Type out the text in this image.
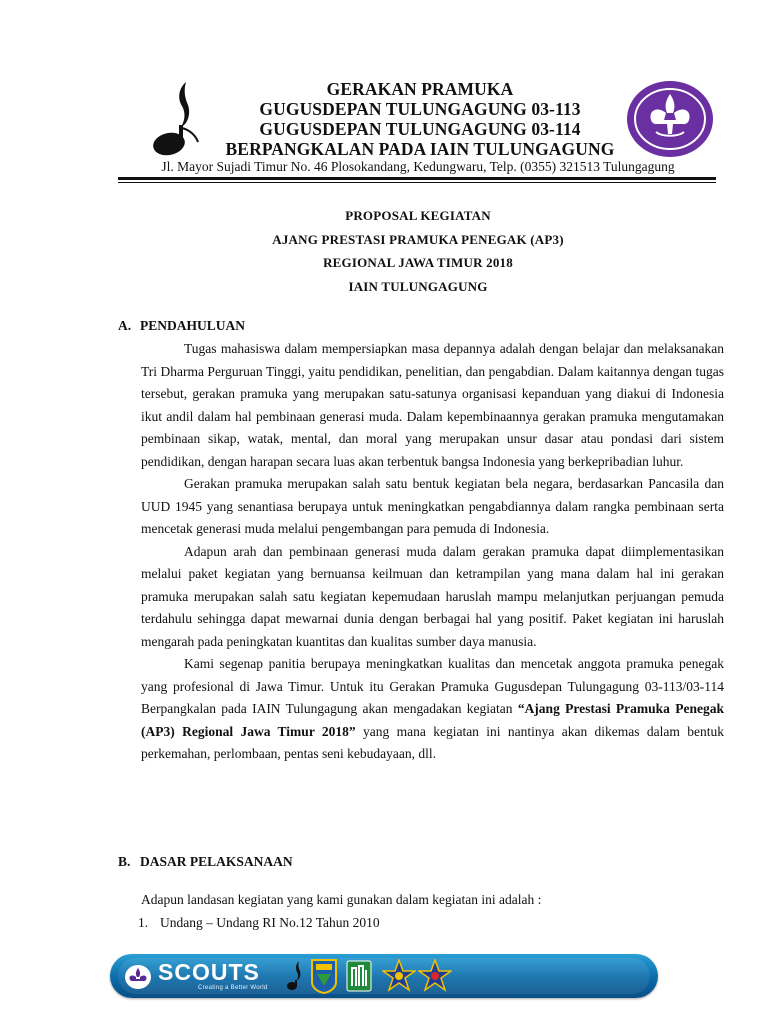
GERAKAN PRAMUKA
GUGUSDEPAN TULUNGAGUNG 03-113
GUGUSDEPAN TULUNGAGUNG 03-114
BERPANGKALAN PADA IAIN TULUNGAGUNG
Jl. Mayor Sujadi Timur No. 46 Plosokandang, Kedungwaru, Telp. (0355) 321513 Tulungagung
PROPOSAL KEGIATAN
AJANG PRESTASI PRAMUKA PENEGAK (AP3)
REGIONAL JAWA TIMUR 2018
IAIN TULUNGAGUNG
A. PENDAHULUAN

Tugas mahasiswa dalam mempersiapkan masa depannya adalah dengan belajar dan melaksanakan Tri Dharma Perguruan Tinggi, yaitu pendidikan, penelitian, dan pengabdian. Dalam kaitannya dengan tugas tersebut, gerakan pramuka yang merupakan satu-satunya organisasi kepanduan yang diakui di Indonesia ikut andil dalam hal pembinaan generasi muda. Dalam kepembinaannya gerakan pramuka mengutamakan pembinaan sikap, watak, mental, dan moral yang merupakan unsur dasar atau pondasi dari sistem pendidikan, dengan harapan secara luas akan terbentuk bangsa Indonesia yang berkepribadian luhur.

Gerakan pramuka merupakan salah satu bentuk kegiatan bela negara, berdasarkan Pancasila dan UUD 1945 yang senantiasa berupaya untuk meningkatkan pengabdiannya dalam rangka pembinaan serta mencetak generasi muda melalui pengembangan para pemuda di Indonesia.

Adapun arah dan pembinaan generasi muda dalam gerakan pramuka dapat diimplementasikan melalui paket kegiatan yang bernuansa keilmuan dan ketrampilan yang mana dalam hal ini gerakan pramuka merupakan salah satu kegiatan kepemudaan haruslah mampu melanjutkan perjuangan pemuda terdahulu sehingga dapat mewarnai dunia dengan berbagai hal yang positif. Paket kegiatan ini haruslah mengarah pada peningkatan kuantitas dan kualitas sumber daya manusia.

Kami segenap panitia berupaya meningkatkan kualitas dan mencetak anggota pramuka penegak yang profesional di Jawa Timur. Untuk itu Gerakan Pramuka Gugusdepan Tulungagung 03-113/03-114 Berpangkalan pada IAIN Tulungagung akan mengadakan kegiatan “Ajang Prestasi Pramuka Penegak (AP3) Regional Jawa Timur 2018” yang mana kegiatan ini nantinya akan dikemas dalam bentuk perkemahan, perlombaan, pentas seni kebudayaan, dll.

B. DASAR PELAKSANAAN

Adapun landasan kegiatan yang kami gunakan dalam kegiatan ini adalah :

1. Undang – Undang RI No.12 Tahun 2010

SCOUTS
Creating a Better World
